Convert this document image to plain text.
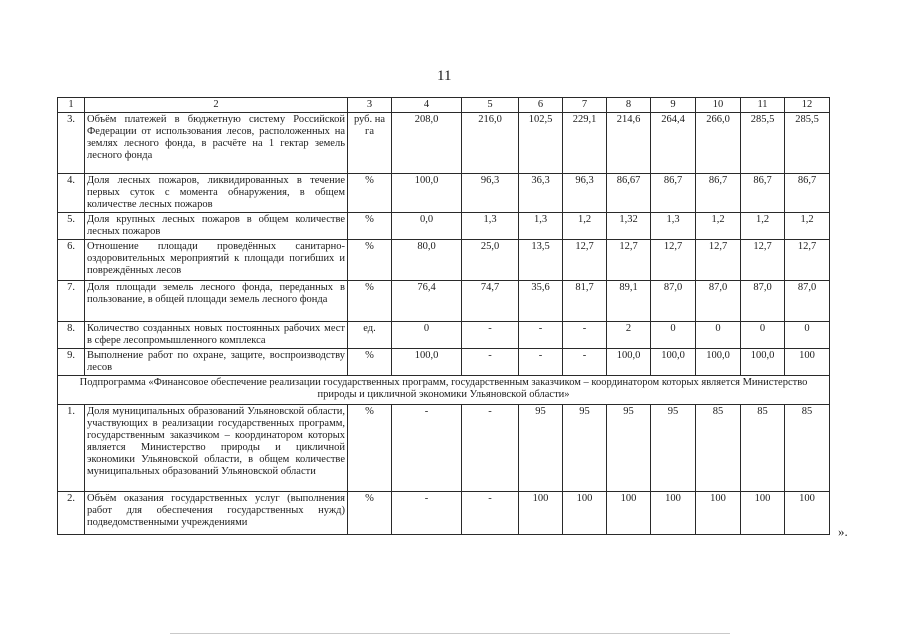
11
1	2	3	4	5	6	7	8	9	10	11	12
3.	Объём платежей в бюджетную систему Российской Федерации от использования лесов, расположенных на землях лесного фонда, в расчёте на 1 гектар земель лесного фонда	руб. на га	208,0	216,0	102,5	229,1	214,6	264,4	266,0	285,5	285,5
4.	Доля лесных пожаров, ликвидированных в течение первых суток с момента обнаружения, в общем количестве лесных пожаров	%	100,0	96,3	36,3	96,3	86,67	86,7	86,7	86,7	86,7
5.	Доля крупных лесных пожаров в общем количестве лесных пожаров	%	0,0	1,3	1,3	1,2	1,32	1,3	1,2	1,2	1,2
6.	Отношение площади проведённых санитарно-оздоровительных мероприятий к площади погибших и повреждённых лесов	%	80,0	25,0	13,5	12,7	12,7	12,7	12,7	12,7	12,7
7.	Доля площади земель лесного фонда, переданных в пользование, в общей площади земель лесного фонда	%	76,4	74,7	35,6	81,7	89,1	87,0	87,0	87,0	87,0
8.	Количество созданных новых постоянных рабочих мест в сфере лесопромышленного комплекса	ед.	0	-	-	-	2	0	0	0	0
9.	Выполнение работ по охране, защите, воспроизводству лесов	%	100,0	-	-	-	100,0	100,0	100,0	100,0	100
Подпрограмма «Финансовое обеспечение реализации государственных программ, государственным заказчиком – координатором которых является Министерство природы и цикличной экономики Ульяновской области»											
1.	Доля муниципальных образований Ульяновской области, участвующих в реализации государственных программ, государственным заказчиком – координатором которых является Министерство природы и цикличной экономики Ульяновской области, в общем количестве муниципальных образований Ульяновской области	%	-	-	95	95	95	95	85	85	85
2.	Объём оказания государственных услуг (выполнения работ для обеспечения государственных нужд) подведомственными учреждениями	%	-	-	100	100	100	100	100	100	100
».
